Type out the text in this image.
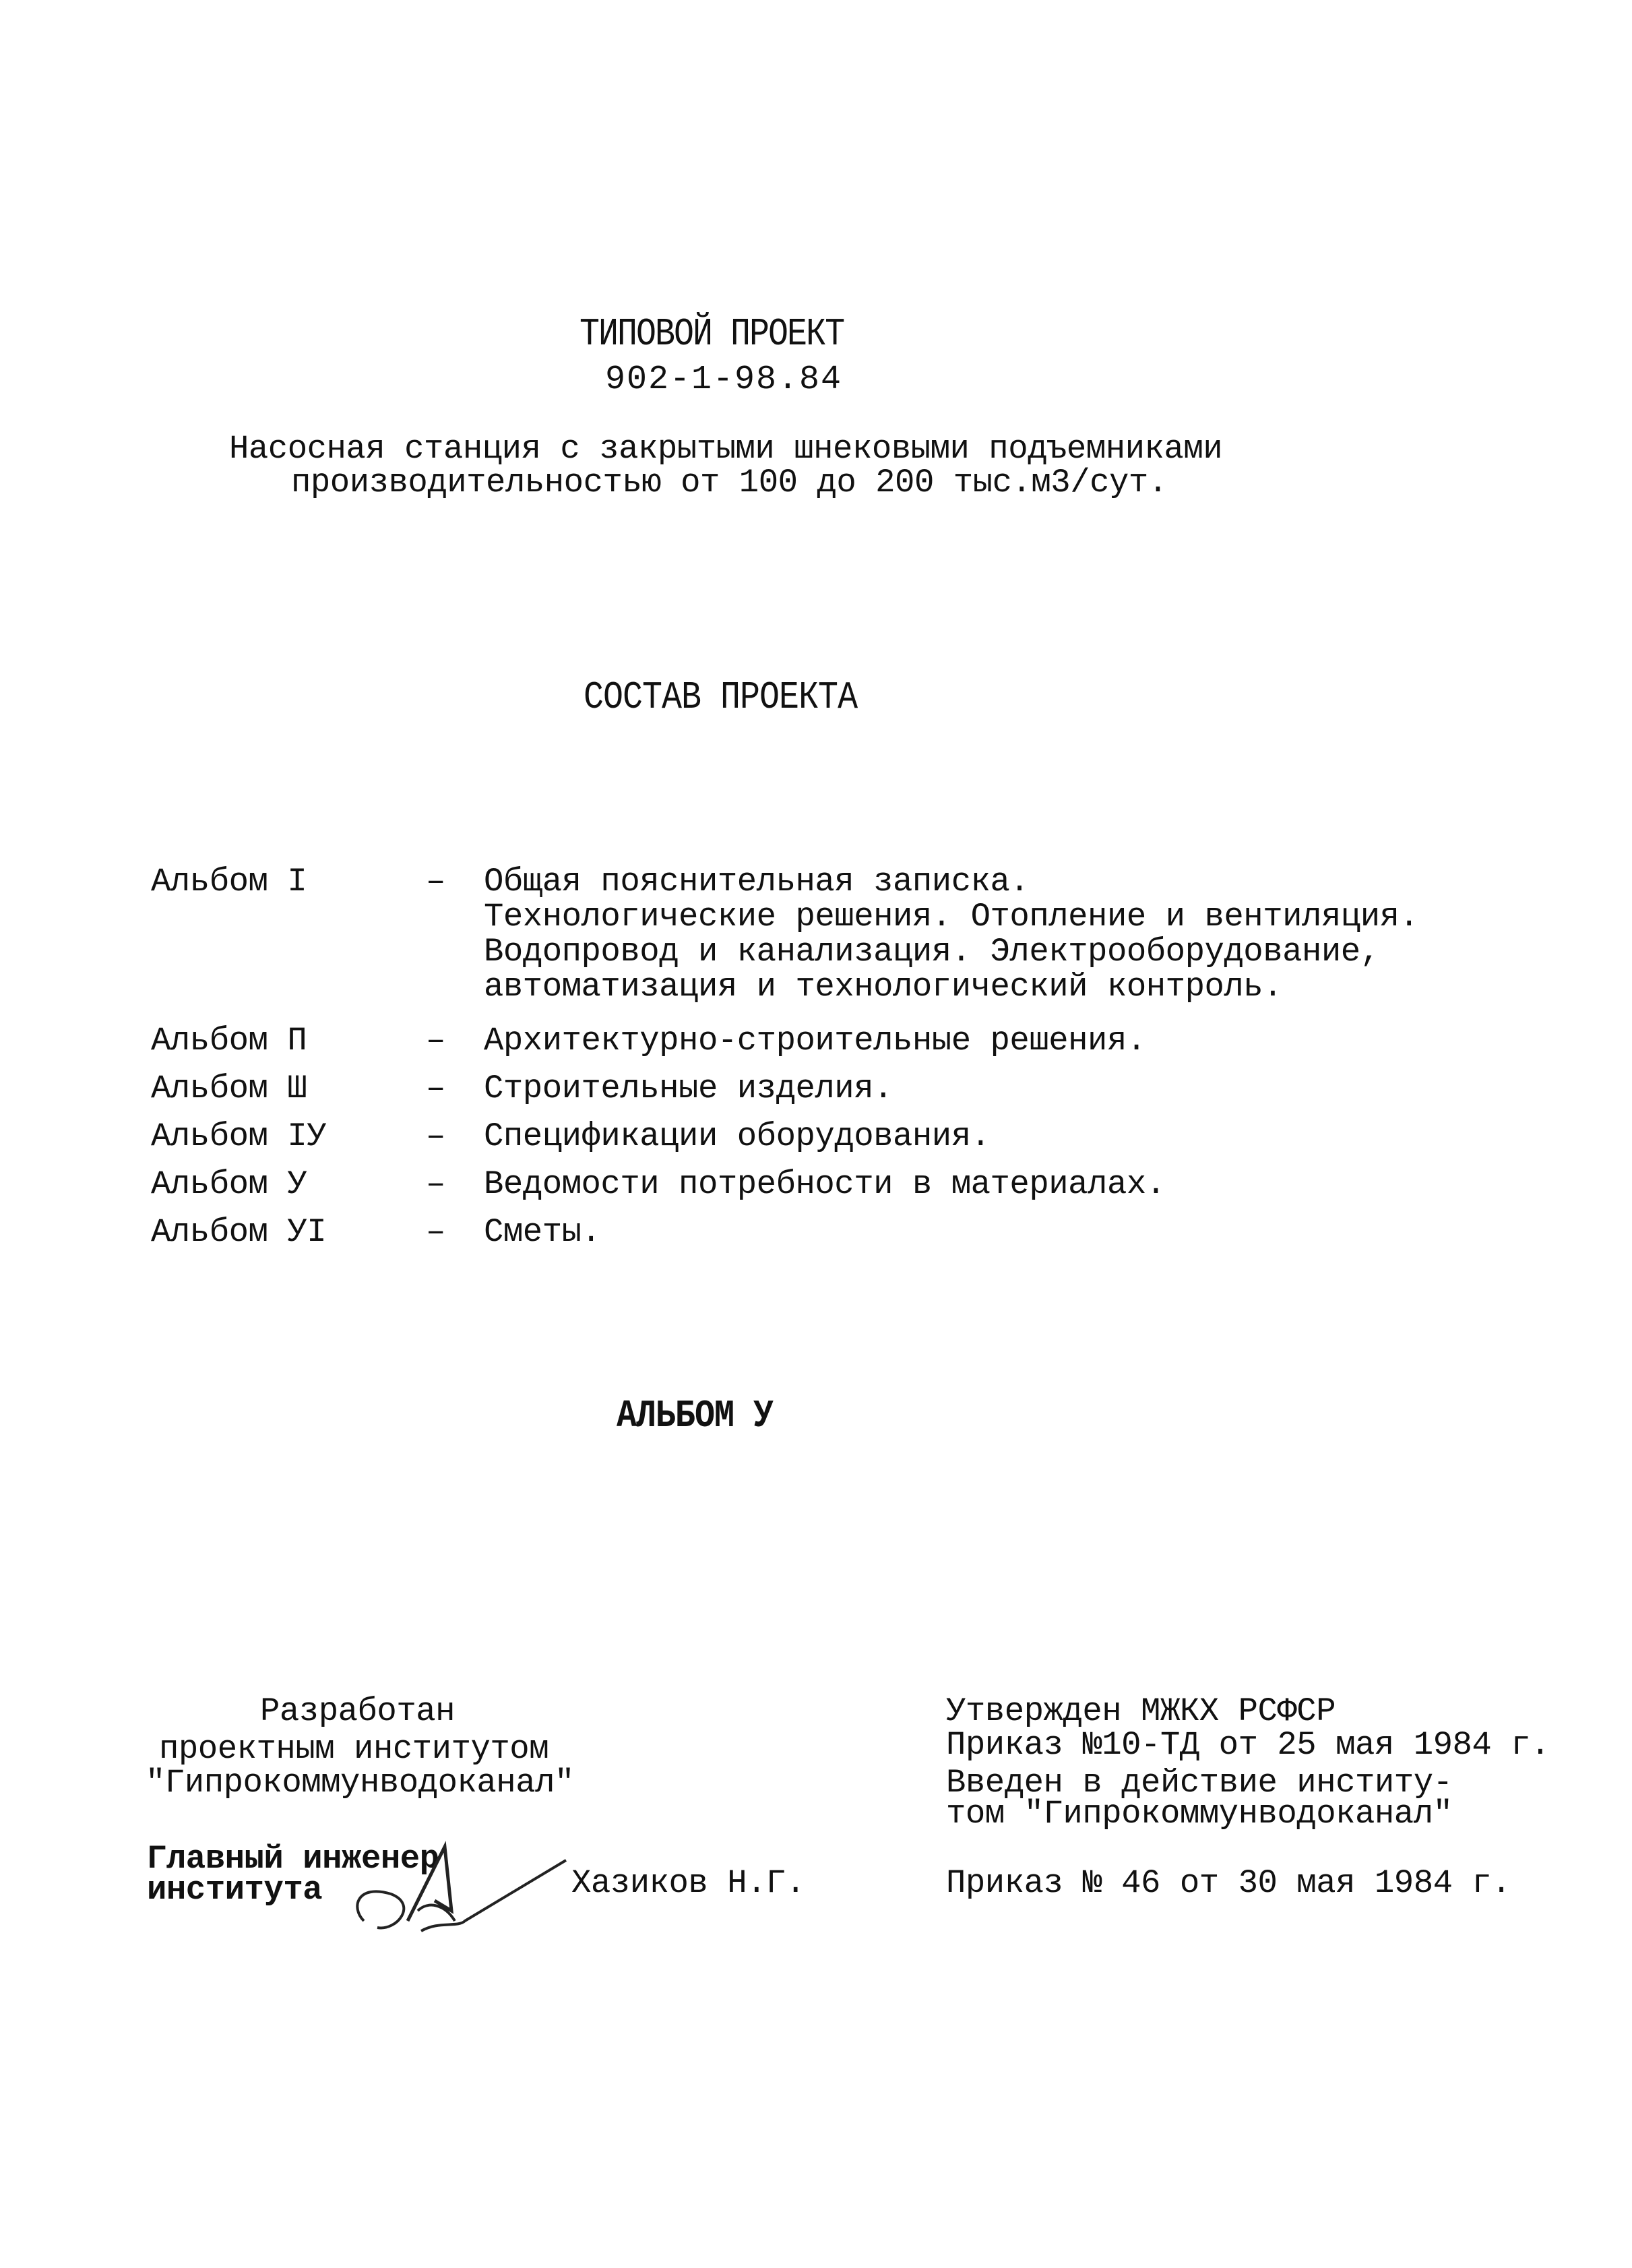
ТИПОВОЙ ПРОЕКТ
902-1-98.84
Насосная станция с закрытыми шнековыми подъемниками
производительностью от 100 до 200 тыс.м3/сут.
СОСТАВ ПРОЕКТА
Альбом I	– Общая пояснительная записка.
Технологические решения. Отопление и вентиляция.
Водопровод и канализация. Электрооборудование,
автоматизация и технологический контроль.
Альбом П	– Архитектурно-строительные решения.
Альбом Ш	– Строительные изделия.
Альбом IУ	– Спецификации оборудования.
Альбом У	– Ведомости потребности в материалах.
Альбом УI	– Сметы.
АЛЬБОМ У
Разработан
проектным институтом
"Гипрокоммунводоканал"
Главный инженер
института	Хазиков Н.Г.
Утвержден МЖКХ РСФСР
Приказ №10-ТД от 25 мая 1984 г.
Введен в действие институ-
том "Гипрокоммунводоканал"
Приказ № 46 от 30 мая 1984 г.
